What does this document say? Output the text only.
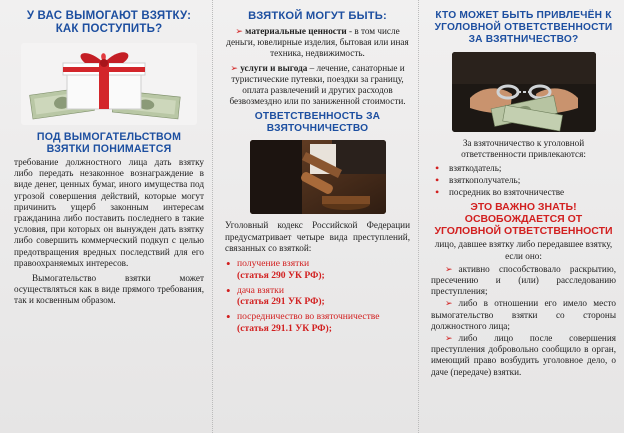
У ВАС ВЫМОГАЮТ ВЗЯТКУ: КАК ПОСТУПИТЬ?
ПОД ВЫМОГАТЕЛЬСТВОМ ВЗЯТКИ ПОНИМАЕТСЯ

требование должностного лица дать взятку либо передать незаконное вознаграждение в виде денег, ценных бумаг, иного имущества под угрозой совершения действий, которые могут причинить ущерб законным интересам гражданина либо поставить последнего в такие условия, при которых он вынужден дать взятку либо совершить коммерческий подкуп с целью предотвращения вредных последствий для его правоохраняемых интересов.

Вымогательство взятки может осуществляться как в виде прямого требования, так и косвенным образом.

ВЗЯТКОЙ МОГУТ БЫТЬ:

➢ материальные ценности - в том числе деньги, ювелирные изделия, бытовая или иная техника, недвижимость.

➢ услуги и выгода – лечение, санаторные и туристические путевки, поездки за границу, оплата развлечений и других расходов безвозмездно или по заниженной стоимости.

ОТВЕТСТВЕННОСТЬ ЗА ВЗЯТОЧНИЧЕСТВО

Уголовный кодекс Российской Федерации предусматривает четыре вида преступлений, связанных со взяткой:

• получение взятки
(статья 290 УК РФ);
• дача взятки
(статья 291 УК РФ);
• посредничество во взяточничестве
(статья 291.1 УК РФ);
КТО МОЖЕТ БЫТЬ ПРИВЛЕЧЁН К УГОЛОВНОЙ ОТВЕТСТВЕННОСТИ ЗА ВЗЯТНИЧЕСТВО?

За взяточничество к уголовной ответственности привлекаются:

• взяткодатель;
• взяткополучатель;
• посредник во взяточничестве
ЭТО ВАЖНО ЗНАТЬ!
ОСВОБОЖДАЕТСЯ ОТ УГОЛОВНОЙ ОТВЕТСТВЕННОСТИ

лицо, давшее взятку либо передавшее взятку, если оно:

➢ активно способствовало раскрытию, пресечению и (или) расследованию преступления;

➢ либо в отношении его имело место вымогательство взятки со стороны должностного лица;

➢ либо лицо после совершения преступления добровольно сообщило в орган, имеющий право возбудить уголовное дело, о даче (передаче) взятки.
